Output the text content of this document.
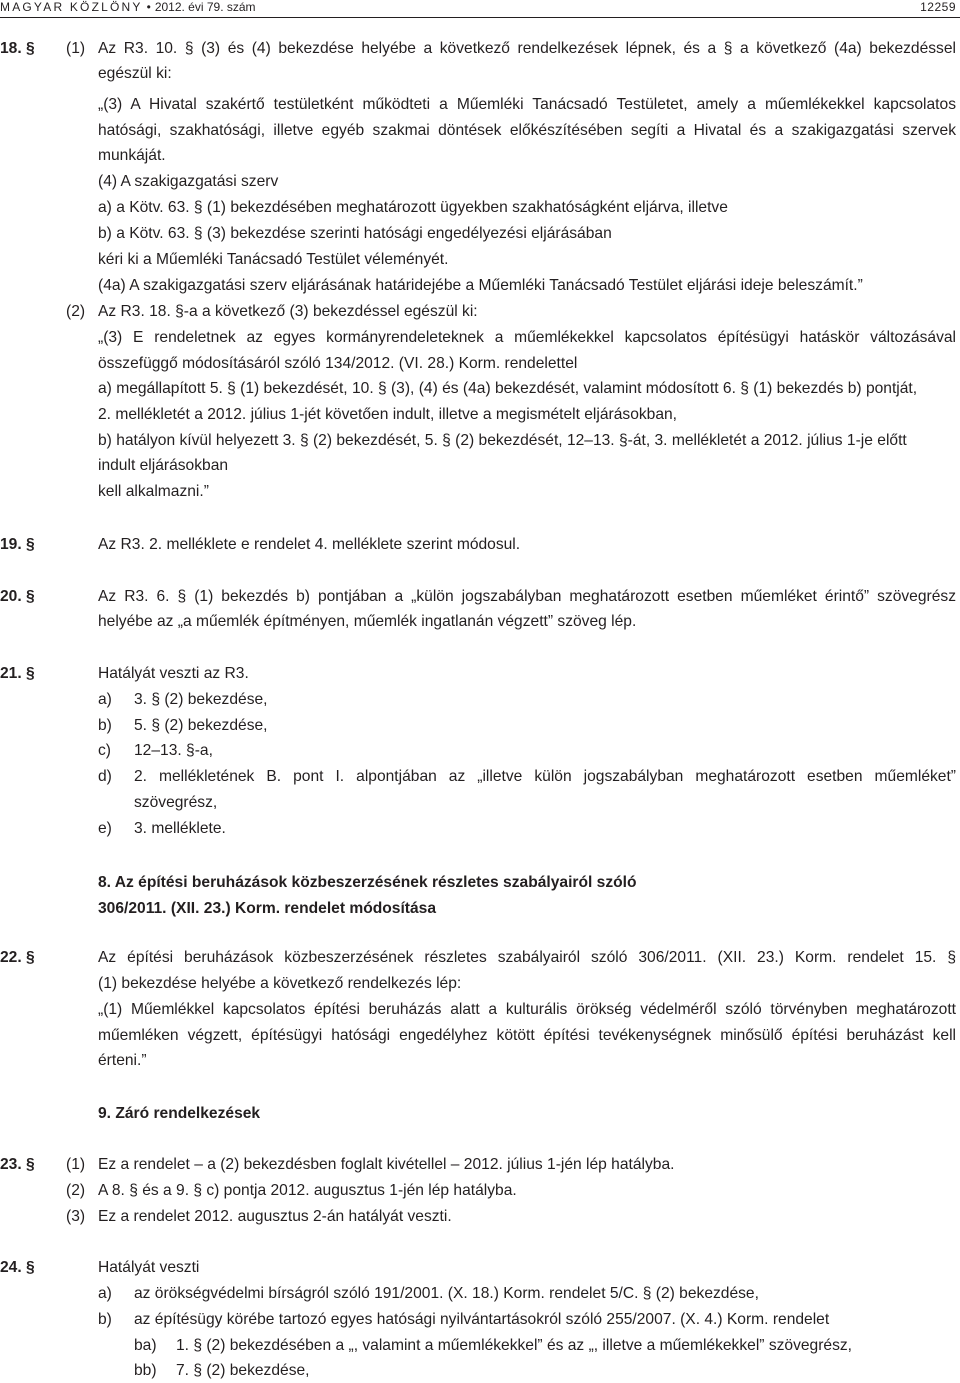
MAGYAR KÖZLÖNY • 2012. évi 79. szám	12259
18. § (1) Az R3. 10. § (3) és (4) bekezdése helyébe a következő rendelkezések lépnek, és a § a következő (4a) bekezdéssel
egészül ki:
„(3) A Hivatal szakértő testületként működteti a Műemléki Tanácsadó Testületet, amely a műemlékekkel kapcsolatos
hatósági, szakhatósági, illetve egyéb szakmai döntések előkészítésében segíti a Hivatal és a szakigazgatási szervek
munkáját.
(4) A szakigazgatási szerv
a) a Kötv. 63. § (1) bekezdésében meghatározott ügyekben szakhatóságként eljárva, illetve
b) a Kötv. 63. § (3) bekezdése szerinti hatósági engedélyezési eljárásában
kéri ki a Műemléki Tanácsadó Testület véleményét.
(4a) A szakigazgatási szerv eljárásának határidejébe a Műemléki Tanácsadó Testület eljárási ideje beleszámít.”
(2) Az R3. 18. §-a a következő (3) bekezdéssel egészül ki:
„(3) E rendeletnek az egyes kormányrendeleteknek a műemlékekkel kapcsolatos építésügyi hatáskör változásával
összefüggő módosításáról szóló 134/2012. (VI. 28.) Korm. rendelettel
a) megállapított 5. § (1) bekezdését, 10. § (3), (4) és (4a) bekezdését, valamint módosított 6. § (1) bekezdés b) pontját,
2. mellékletét a 2012. július 1-jét követően indult, illetve a megismételt eljárásokban,
b) hatályon kívül helyezett 3. § (2) bekezdését, 5. § (2) bekezdését, 12–13. §-át, 3. mellékletét a 2012. július 1-je előtt
indult eljárásokban
kell alkalmazni.”
19. §	Az R3. 2. melléklete e rendelet 4. melléklete szerint módosul.
20. §	Az R3. 6. § (1) bekezdés b) pontjában a „külön jogszabályban meghatározott esetben műemléket érintő” szövegrész
helyébe az „a műemlék építményen, műemlék ingatlanán végzett” szöveg lép.
21. §	Hatályát veszti az R3.
a) 3. § (2) bekezdése,
b) 5. § (2) bekezdése,
c) 12–13. §-a,
d) 2. mellékletének B. pont I. alpontjában az „illetve külön jogszabályban meghatározott esetben műemléket”
szövegrész,
e) 3. melléklete.
8. Az építési beruházások közbeszerzésének részletes szabályairól szóló
306/2011. (XII. 23.) Korm. rendelet módosítása
22. §	Az építési beruházások közbeszerzésének részletes szabályairól szóló 306/2011. (XII. 23.) Korm. rendelet 15. §
(1) bekezdése helyébe a következő rendelkezés lép:
„(1) Műemlékkel kapcsolatos építési beruházás alatt a kulturális örökség védelméről szóló törvényben meghatározott
műemléken végzett, építésügyi hatósági engedélyhez kötött építési tevékenységnek minősülő építési beruházást kell
érteni.”
9. Záró rendelkezések
23. § (1) Ez a rendelet – a (2) bekezdésben foglalt kivétellel – 2012. július 1-jén lép hatályba.
(2) A 8. § és a 9. § c) pontja 2012. augusztus 1-jén lép hatályba.
(3) Ez a rendelet 2012. augusztus 2-án hatályát veszti.
24. §	Hatályát veszti
a) az örökségvédelmi bírságról szóló 191/2001. (X. 18.) Korm. rendelet 5/C. § (2) bekezdése,
b) az építésügy körébe tartozó egyes hatósági nyilvántartásokról szóló 255/2007. (X. 4.) Korm. rendelet
ba) 1. § (2) bekezdésében a „, valamint a műemlékekkel” és az „, illetve a műemlékekkel” szövegrész,
bb) 7. § (2) bekezdése,
